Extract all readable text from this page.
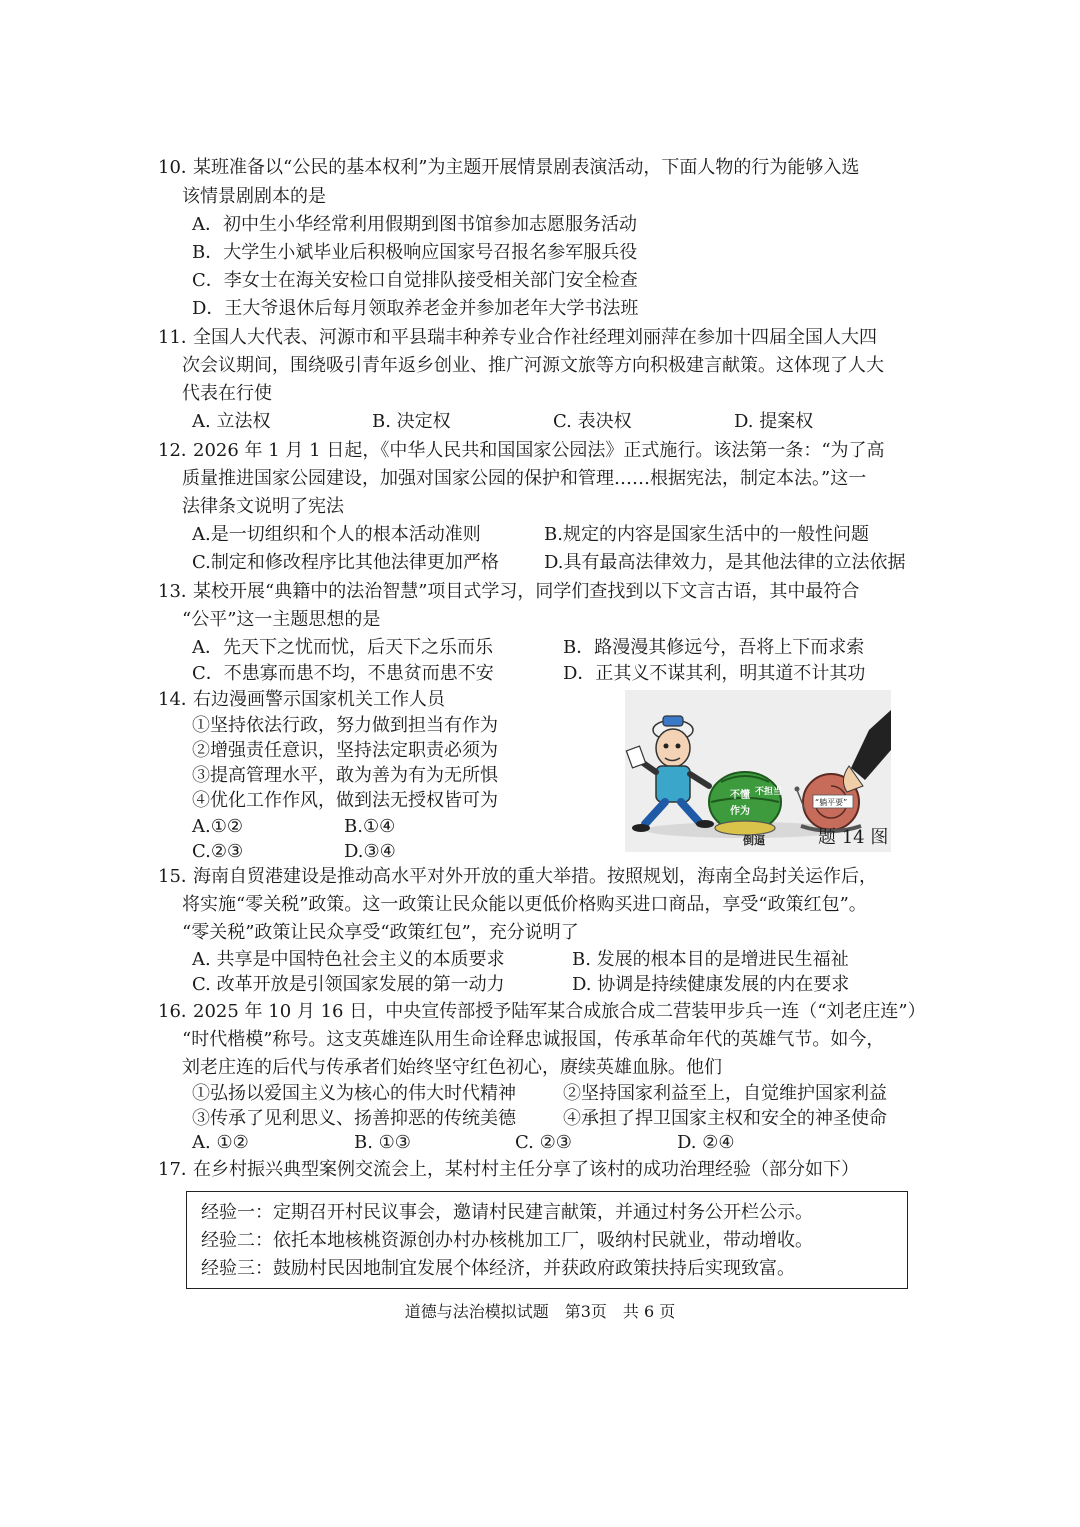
10．
某班准备以“公民的基本权利”为主题开展情景剧表演活动，下面人物的行为能够入选
该情景剧剧本的是
A．初中生小华经常利用假期到图书馆参加志愿服务活动
B．大学生小斌毕业后积极响应国家号召报名参军服兵役
C．李女士在海关安检口自觉排队接受相关部门安全检查
D．王大爷退休后每月领取养老金并参加老年大学书法班
11．
全国人大代表、河源市和平县瑞丰种养专业合作社经理刘丽萍在参加十四届全国人大四
次会议期间，围绕吸引青年返乡创业、推广河源文旅等方向积极建言献策。这体现了人大
代表在行使
A. 立法权	B. 决定权	C. 表决权	D. 提案权
12．
2026 年 1 月 1 日起，《中华人民共和国国家公园法》正式施行。该法第一条：“为了高
质量推进国家公园建设，加强对国家公园的保护和管理……根据宪法，制定本法。”这一
法律条文说明了宪法
A.是一切组织和个人的根本活动准则	B.规定的内容是国家生活中的一般性问题
C.制定和修改程序比其他法律更加严格	D.具有最高法律效力，是其他法律的立法依据
13．
某校开展“典籍中的法治智慧”项目式学习，同学们查找到以下文言古语，其中最符合
“公平”这一主题思想的是
A．先天下之忧而忧，后天下之乐而乐	B．路漫漫其修远兮，吾将上下而求索
C．不患寡而患不均，不患贫而患不安	D．正其义不谋其利，明其道不计其功
14．
右边漫画警示国家机关工作人员
①坚持依法行政，努力做到担当有作为
②增强责任意识，坚持法定职责必须为
③提高管理水平，敢为善为有为无所惧
④优化工作作风，做到法无授权皆可为
A.①②	B.①④
C.②③	D.③④
不懂
作为
不担当
“躺平要”
倒逼	题 14 图
15．
海南自贸港建设是推动高水平对外开放的重大举措。按照规划，海南全岛封关运作后，
将实施“零关税”政策。这一政策让民众能以更低价格购买进口商品，享受“政策红包”。
“零关税”政策让民众享受“政策红包”，充分说明了
A. 共享是中国特色社会主义的本质要求	B. 发展的根本目的是增进民生福祉
C. 改革开放是引领国家发展的第一动力	D. 协调是持续健康发展的内在要求
16．
2025 年 10 月 16 日，中央宣传部授予陆军某合成旅合成二营装甲步兵一连（“刘老庄连”）
“时代楷模”称号。这支英雄连队用生命诠释忠诚报国，传承革命年代的英雄气节。如今，
刘老庄连的后代与传承者们始终坚守红色初心，赓续英雄血脉。他们
①弘扬以爱国主义为核心的伟大时代精神	②坚持国家利益至上，自觉维护国家利益
③传承了见利思义、扬善抑恶的传统美德	④承担了捍卫国家主权和安全的神圣使命
A. ①②	B. ①③	C. ②③	D. ②④
17．
在乡村振兴典型案例交流会上，某村村主任分享了该村的成功治理经验（部分如下）
经验一：定期召开村民议事会，邀请村民建言献策，并通过村务公开栏公示。
经验二：依托本地核桃资源创办村办核桃加工厂，吸纳村民就业，带动增收。
经验三：鼓励村民因地制宜发展个体经济，并获政府政策扶持后实现致富。
道德与法治模拟试题　第3页　共 6 页
